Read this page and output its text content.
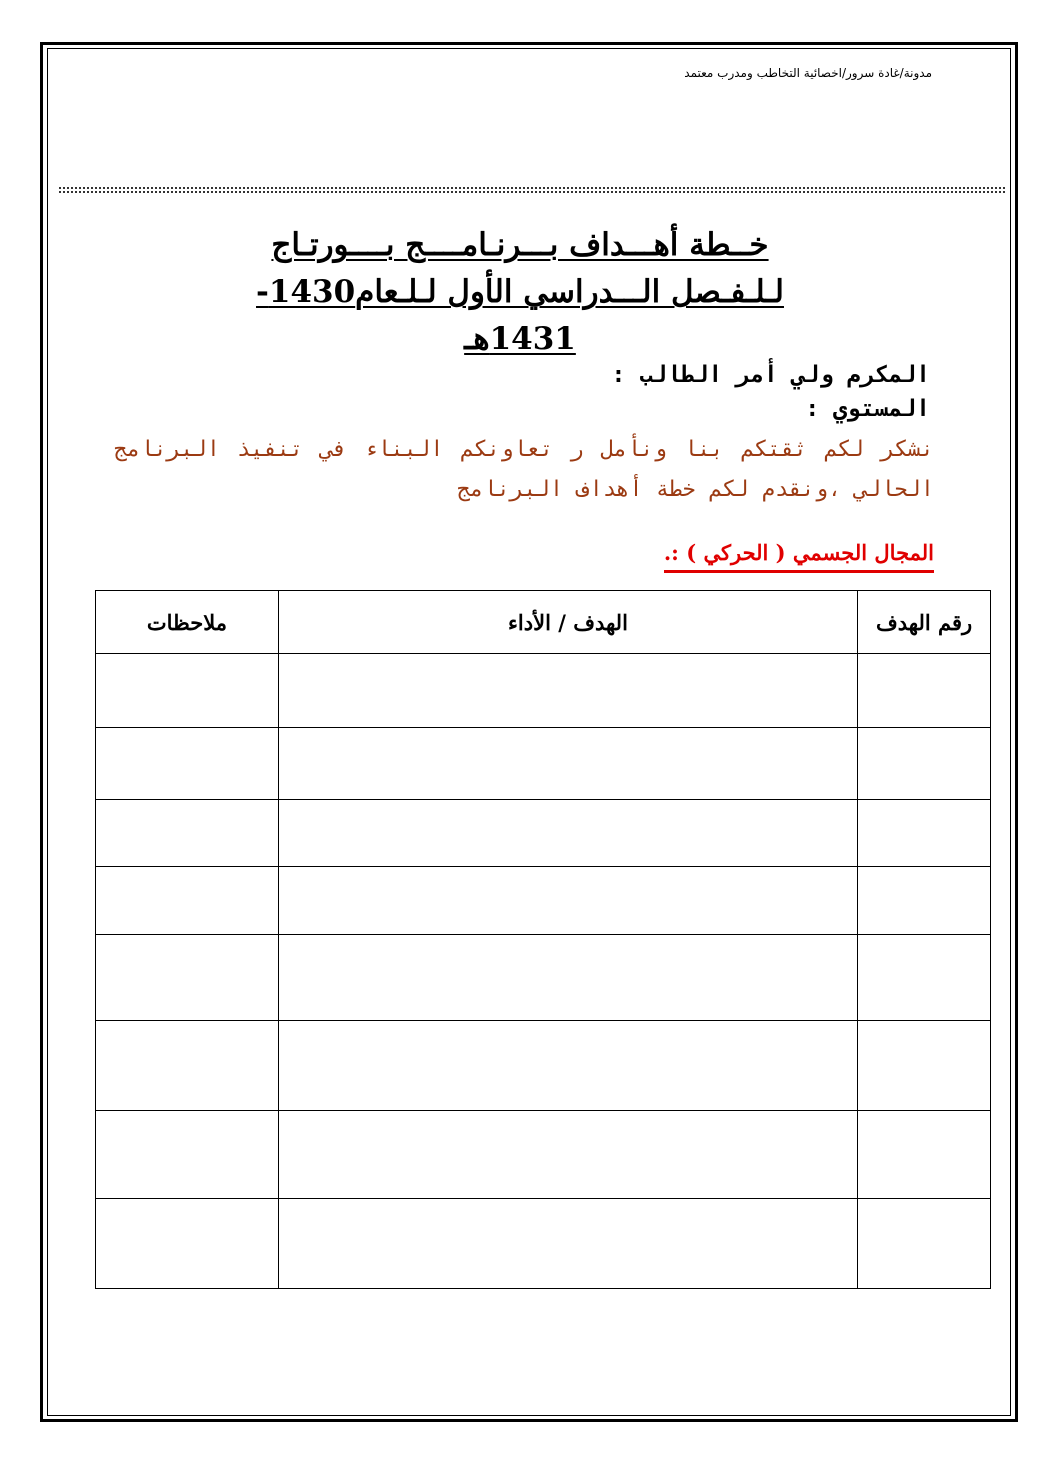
مدونة/غادة سرور/اخصائية التخاطب ومدرب معتمد
خــطة أهـــداف بـــرنـامــــج بــــورتـاج
لـلـفـصل الـــدراسي الأول لـلـعام1430-
1431هـ
المكرم ولي أمر الطالب :
المستوي :
نشكر لكم ثقتكم بنا ونأمل ر تعاونكم البناء في تنفيذ البرنامج الحالي ،ونقدم لكم خطة أهداف البرنامج
المجال الجسمي ( الحركي ) :.
رقم الهدف	الهدف / الأداء	ملاحظات
